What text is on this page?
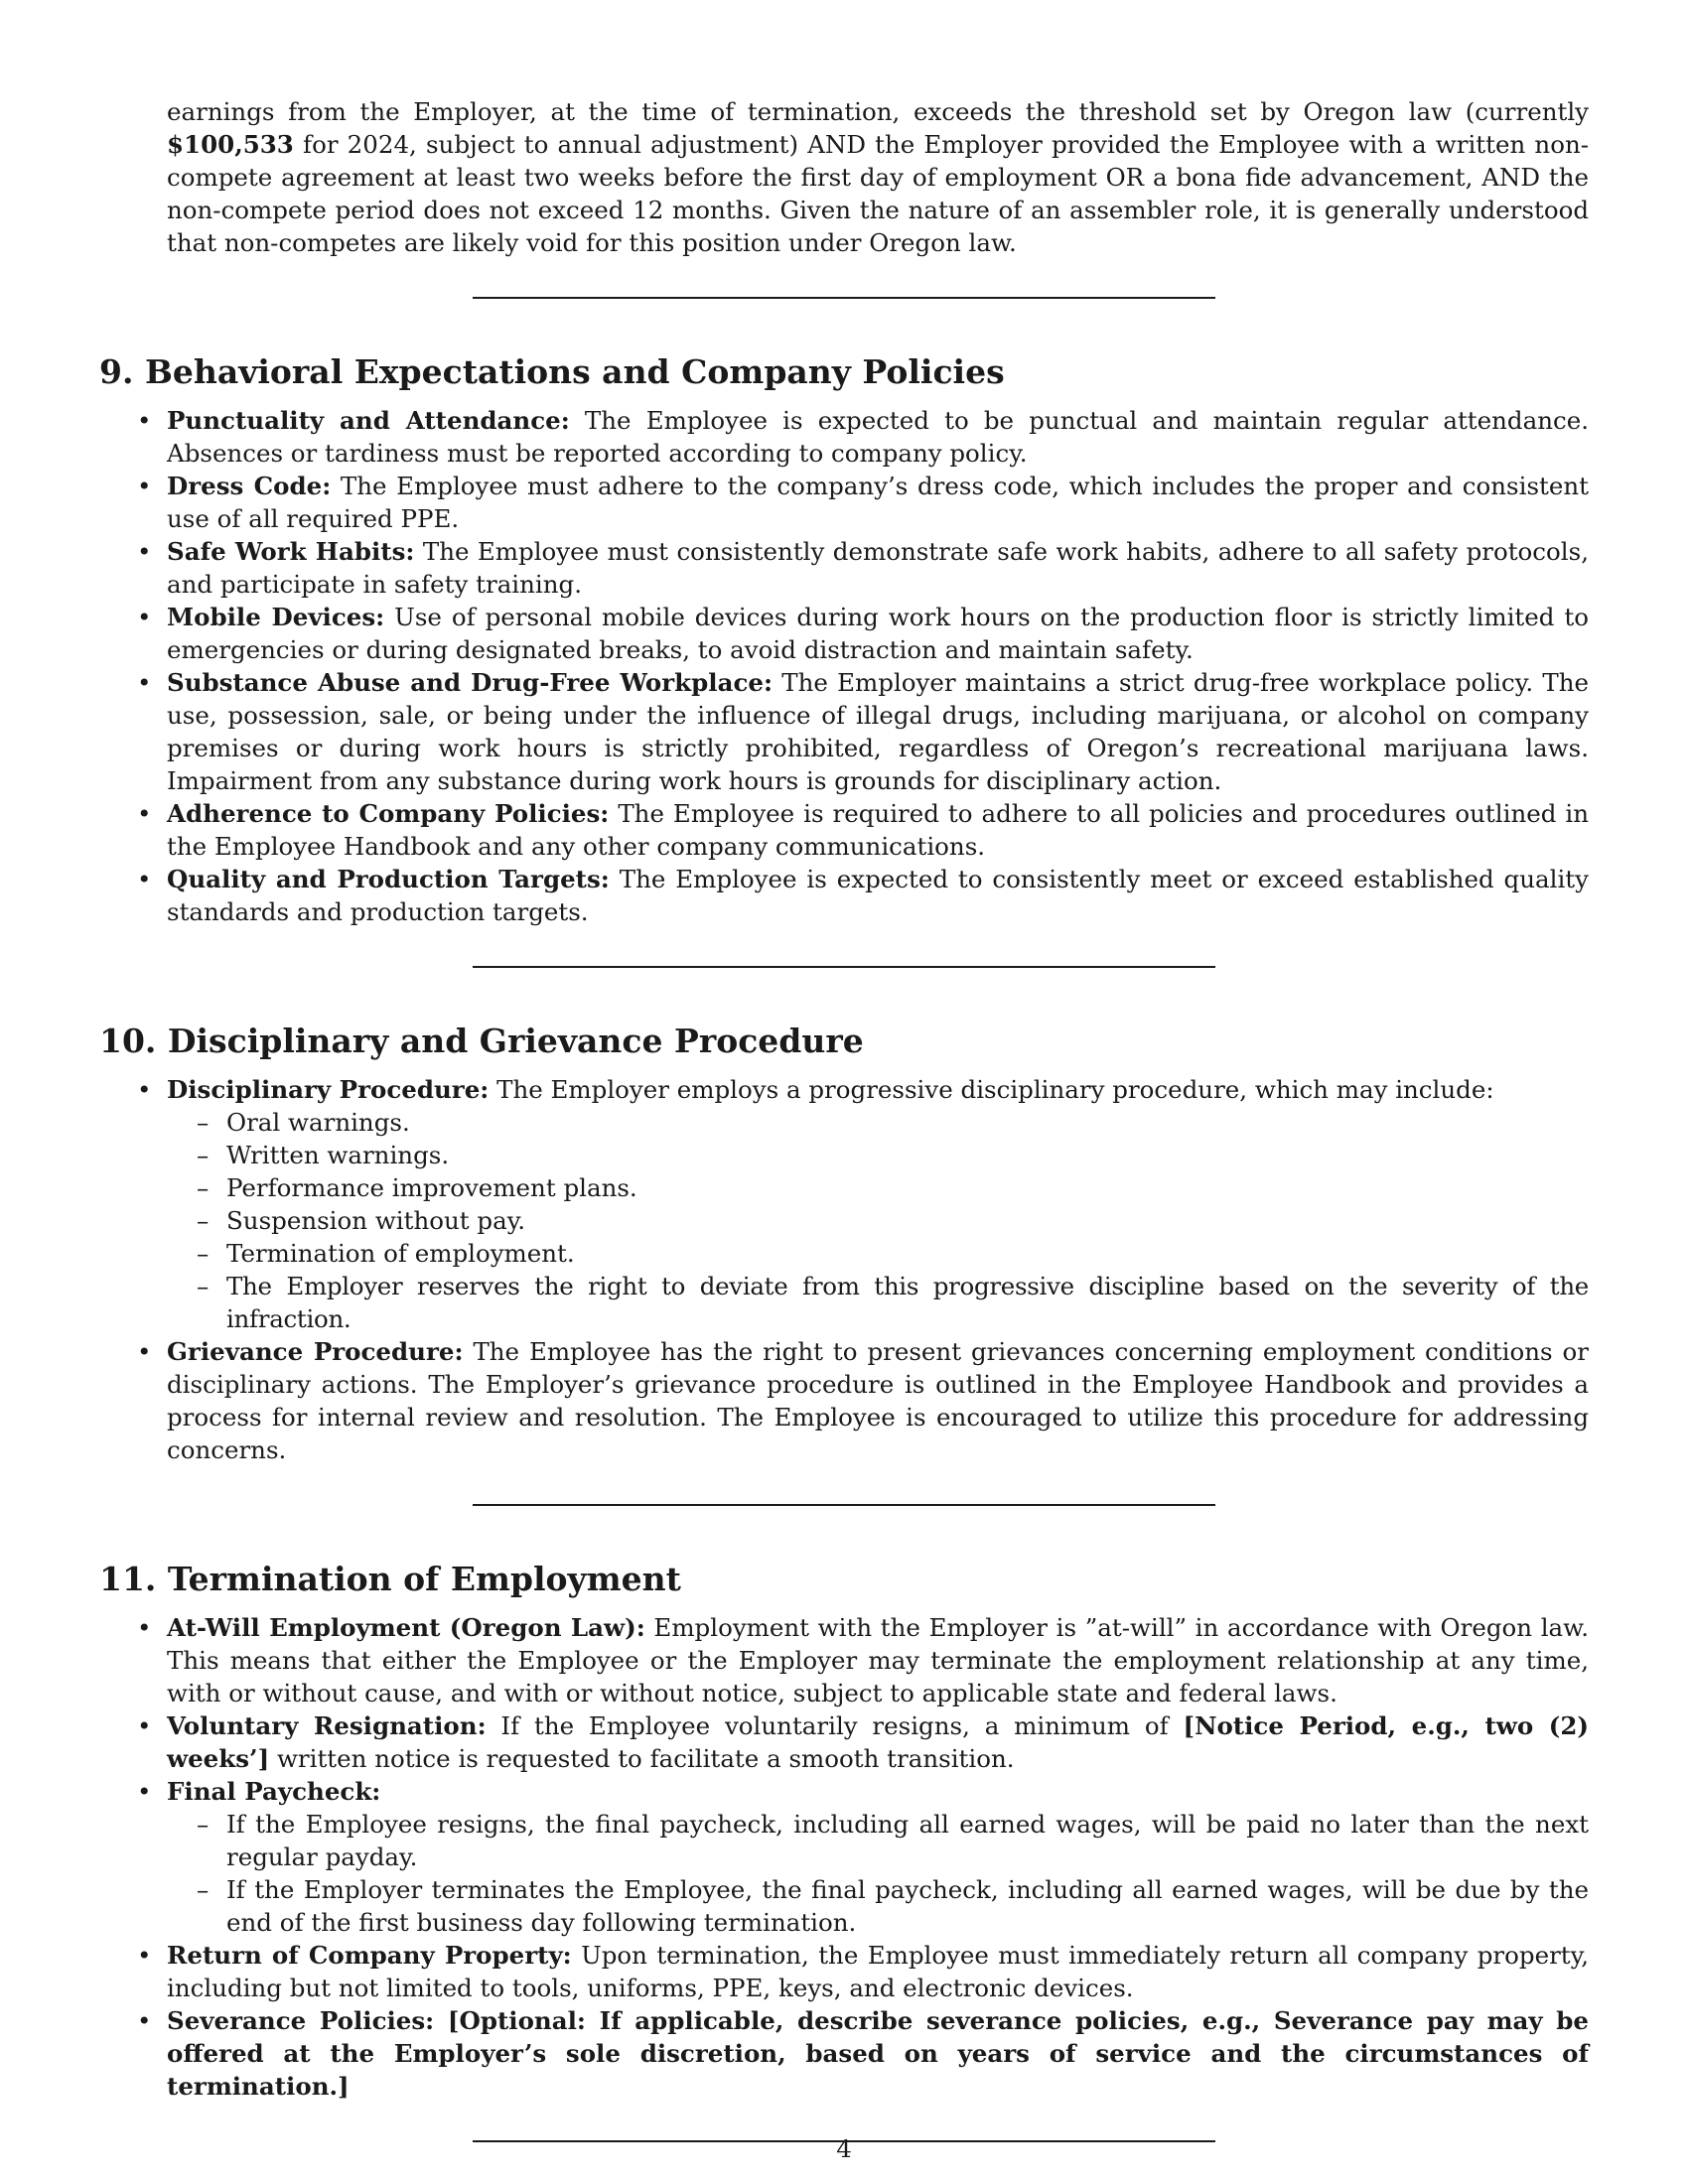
earnings from the Employer, at the time of termination, exceeds the threshold set by Oregon law (currently $100,533 for 2024, subject to annual adjustment) AND the Employer provided the Employee with a written non-compete agreement at least two weeks before the first day of employment OR a bona fide advancement, AND the non-compete period does not exceed 12 months. Given the nature of an assembler role, it is generally understood that non-competes are likely void for this position under Oregon law.

9. Behavioral Expectations and Company Policies
• Punctuality and Attendance: The Employee is expected to be punctual and maintain regular attendance. Absences or tardiness must be reported according to company policy.
• Dress Code: The Employee must adhere to the company’s dress code, which includes the proper and consistent use of all required PPE.
• Safe Work Habits: The Employee must consistently demonstrate safe work habits, adhere to all safety protocols, and participate in safety training.
• Mobile Devices: Use of personal mobile devices during work hours on the production floor is strictly limited to emergencies or during designated breaks, to avoid distraction and maintain safety.
• Substance Abuse and Drug-Free Workplace: The Employer maintains a strict drug-free workplace policy. The use, possession, sale, or being under the influence of illegal drugs, including marijuana, or alcohol on company premises or during work hours is strictly prohibited, regardless of Oregon’s recreational marijuana laws. Impairment from any substance during work hours is grounds for disciplinary action.
• Adherence to Company Policies: The Employee is required to adhere to all policies and procedures outlined in the Employee Handbook and any other company communications.
• Quality and Production Targets: The Employee is expected to consistently meet or exceed established quality standards and production targets.
10. Disciplinary and Grievance Procedure
• Disciplinary Procedure: The Employer employs a progressive disciplinary procedure, which may include:
– Oral warnings.
– Written warnings.
– Performance improvement plans.
– Suspension without pay.
– Termination of employment.
– The Employer reserves the right to deviate from this progressive discipline based on the severity of the infraction.
• Grievance Procedure: The Employee has the right to present grievances concerning employment conditions or disciplinary actions. The Employer’s grievance procedure is outlined in the Employee Handbook and provides a process for internal review and resolution. The Employee is encouraged to utilize this procedure for addressing concerns.
11. Termination of Employment
• At-Will Employment (Oregon Law): Employment with the Employer is ”at-will” in accordance with Oregon law. This means that either the Employee or the Employer may terminate the employment relationship at any time, with or without cause, and with or without notice, subject to applicable state and federal laws.
• Voluntary Resignation: If the Employee voluntarily resigns, a minimum of [Notice Period, e.g., two (2) weeks’] written notice is requested to facilitate a smooth transition.
• Final Paycheck:
– If the Employee resigns, the final paycheck, including all earned wages, will be paid no later than the next regular payday.
– If the Employer terminates the Employee, the final paycheck, including all earned wages, will be due by the end of the first business day following termination.
• Return of Company Property: Upon termination, the Employee must immediately return all company property, including but not limited to tools, uniforms, PPE, keys, and electronic devices.
• Severance Policies: [Optional: If applicable, describe severance policies, e.g., Severance pay may be offered at the Employer’s sole discretion, based on years of service and the circumstances of termination.]
4
